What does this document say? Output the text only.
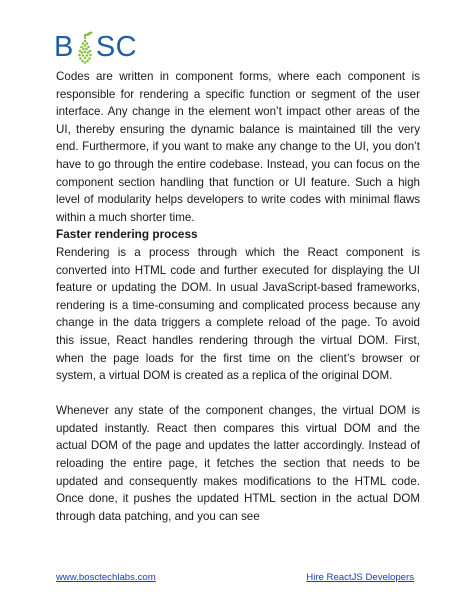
B SC

Codes are written in component forms, where each component is responsible for rendering a specific function or segment of the user interface. Any change in the element won’t impact other areas of the UI, thereby ensuring the dynamic balance is maintained till the very end. Furthermore, if you want to make any change to the UI, you don’t have to go through the entire codebase. Instead, you can focus on the component section handling that function or UI feature. Such a high level of modularity helps developers to write codes with minimal flaws within a much shorter time.

Faster rendering process

Rendering is a process through which the React component is converted into HTML code and further executed for displaying the UI feature or updating the DOM. In usual JavaScript-based frameworks, rendering is a time-consuming and complicated process because any change in the data triggers a complete reload of the page. To avoid this issue, React handles rendering through the virtual DOM. First, when the page loads for the first time on the client’s browser or system, a virtual DOM is created as a replica of the original DOM.

Whenever any state of the component changes, the virtual DOM is updated instantly. React then compares this virtual DOM and the actual DOM of the page and updates the latter accordingly. Instead of reloading the entire page, it fetches the section that needs to be updated and consequently makes modifications to the HTML code. Once done, it pushes the updated HTML section in the actual DOM through data patching, and you can see

www.bosctechlabs.com	Hire ReactJS Developers
